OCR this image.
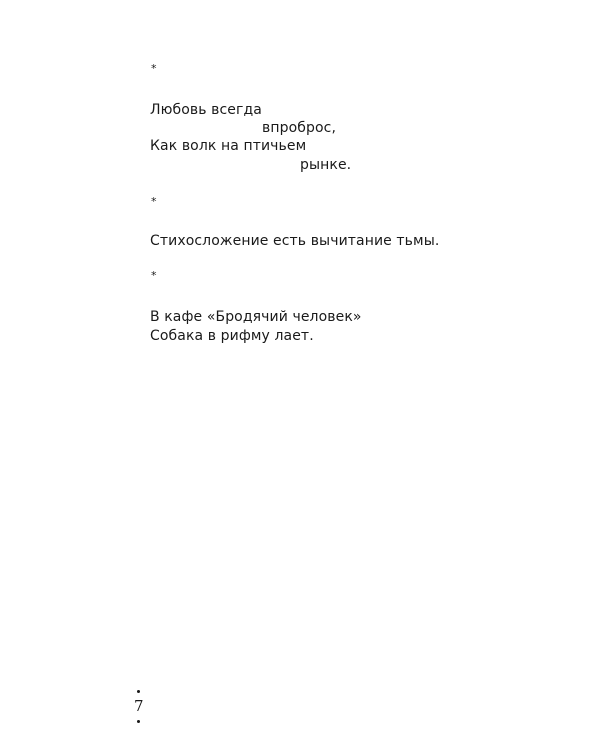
*
Любовь всегда
впроброс,
Как волк на птичьем
рынке.
*
Стихосложение есть вычитание тьмы.
*
В кафе «Бродячий человек»
Собака в рифму лает.
7
